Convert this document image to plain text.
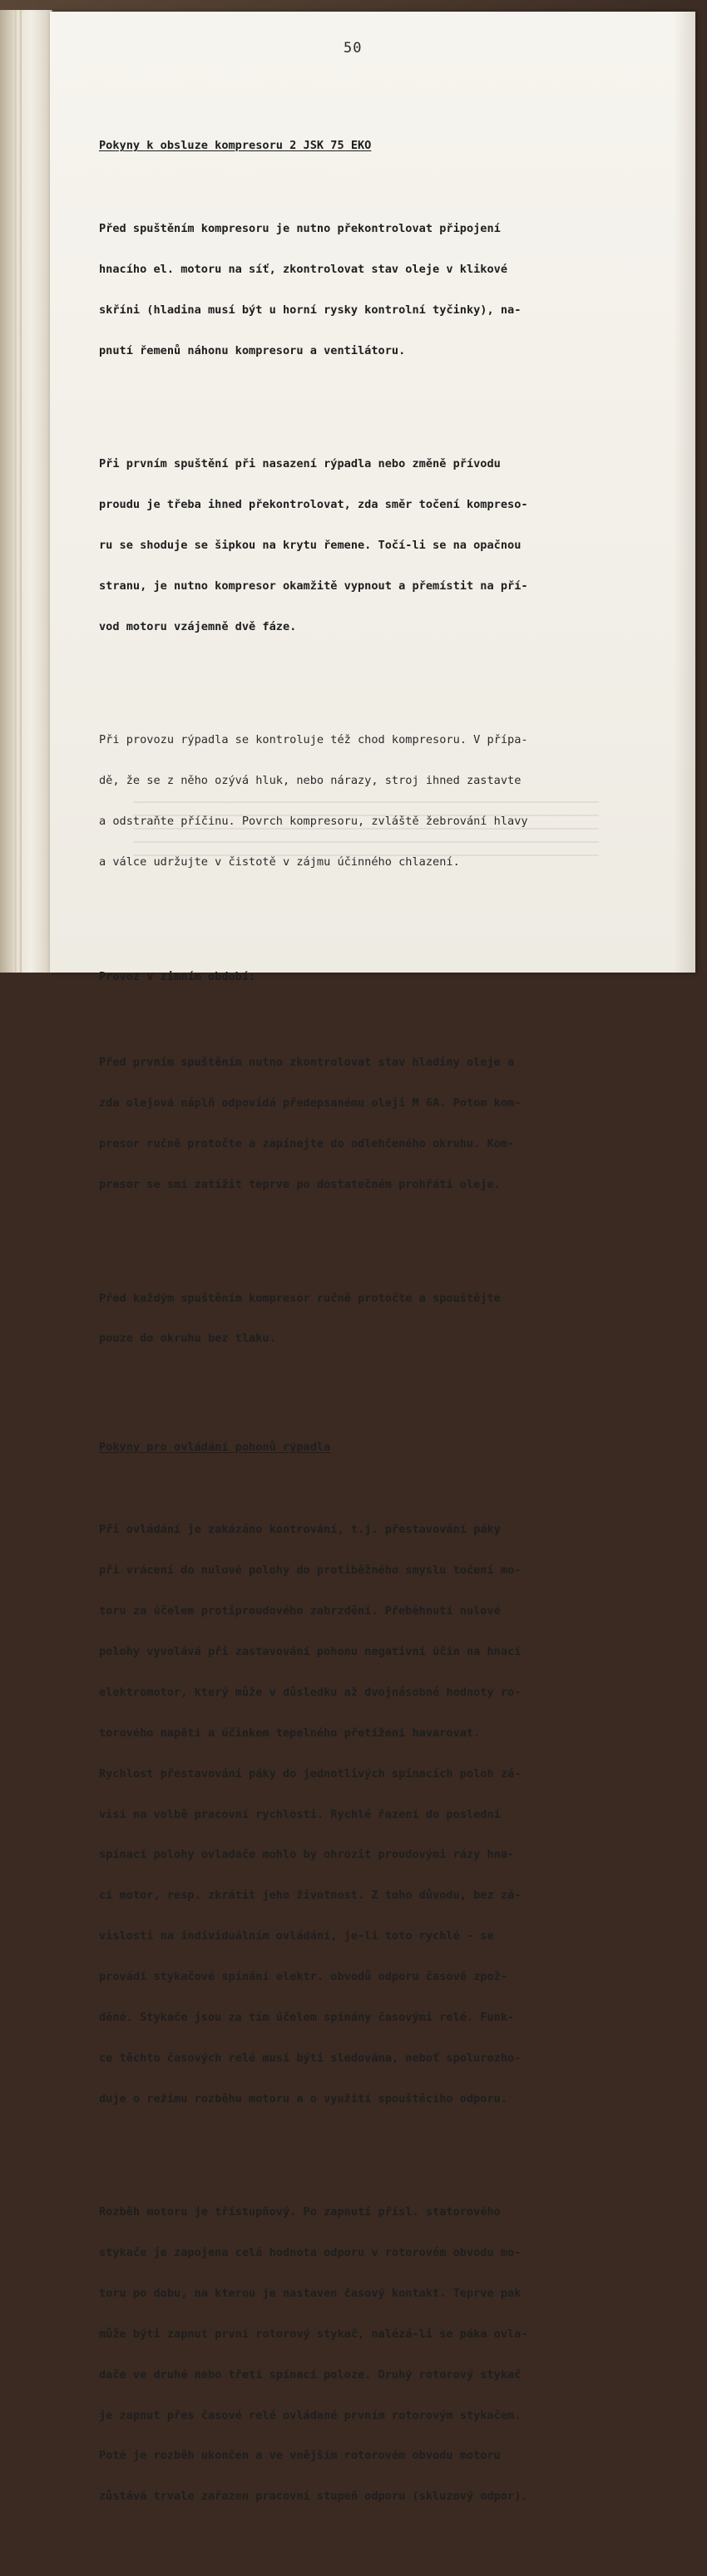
50

Pokyny k obsluze kompresoru 2 JSK 75 EKO

Před spuštěním kompresoru je nutno překontrolovat připojení

hnacího el. motoru na síť, zkontrolovat stav oleje v klikové

skříni (hladina musí být u horní rysky kontrolní tyčinky), na-

pnutí řemenů náhonu kompresoru a ventilátoru.

Při prvním spuštění při nasazení rýpadla nebo změně přívodu

proudu je třeba ihned překontrolovat, zda směr točení kompreso-

ru se shoduje se šipkou na krytu řemene. Točí-li se na opačnou

stranu, je nutno kompresor okamžitě vypnout a přemístit na pří-

vod motoru vzájemně dvě fáze.

Při provozu rýpadla se kontroluje též chod kompresoru. V přípa-

dě, že se z něho ozývá hluk, nebo nárazy, stroj ihned zastavte

a odstraňte příčinu. Povrch kompresoru, zvláště žebrování hlavy

a válce udržujte v čistotě v zájmu účinného chlazení.

Provoz v zimním období:

Před prvním spuštěním nutno zkontrolovat stav hladiny oleje a

zda olejová náplň odpovídá předepsanému oleji M 6A. Potom kom-

presor ručně protočte a zapínejte do odlehčeného okruhu. Kom-

presor se smí zatížit teprve po dostatečném prohřátí oleje.

Před každým spuštěním kompresor ručně protočte a spouštějte

pouze do okruhu bez tlaku.

Pokyny pro ovládání pohonů rýpadla

Při ovládání je zakázáno kontrování, t.j. přestavování páky

při vrácení do nulové polohy do protiběžného smyslu točení mo-

toru za účelem protiproudového zabrzdění. Přeběhnutí nulové

polohy vyvolává při zastavování pohonu negativní účin na hnací

elektromotor, který může v důsledku až dvojnásobné hodnoty ro-

torového napětí a účinkem tepelného přetížení havarovat.

Rychlost přestavování páky do jednotlivých spínacích poloh zá-

visí na volbě pracovní rychlosti. Rychlé řazení do poslední

spínací polohy ovladače mohlo by ohrozit proudovými rázy hna-

cí motor, resp. zkrátit jeho životnost. Z toho důvodu, bez zá-

vislosti na individuálním ovládání, je-li toto rychlé - se

provádí stykačové spínání elektr. obvodů odporu časově zpož-

děné. Stykače jsou za tím účelem spínány časovými relé. Funk-

ce těchto časových relé musí býti sledována, neboť spolurozho-

duje o režimu rozběhu motoru a o využití spouštěcího odporu.

Rozběh motoru je třístupňový. Po zapnutí přísl. statorového

stykače je zapojena celá hodnota odporu v rotorovém obvodu mo-

toru po dobu, na kterou je nastaven časový kontakt. Teprve pak

může býti zapnut první rotorový stykač, nalézá-li se páka ovla-

dače ve druhé nebo třetí spínací poloze. Druhý rotorový stykač

je zapnut přes časové relé ovládané prvním rotorovým stykačem.

Poté je rozběh ukončen a ve vnějším rotorovém obvodu motoru

zůstává trvale zařazen pracovní stupeň odporu (skluzový odpor).
